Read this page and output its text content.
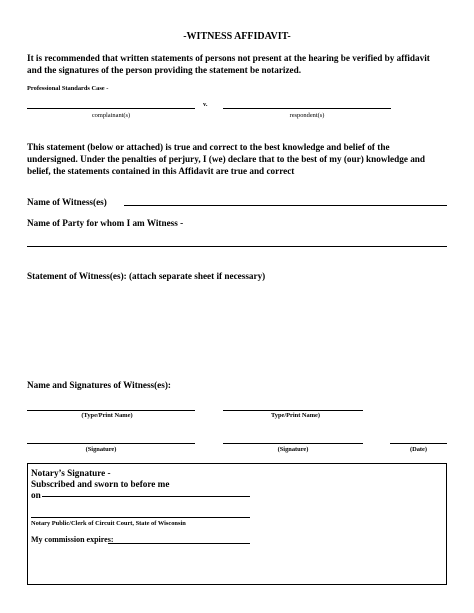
-WITNESS AFFIDAVIT-
It is recommended that written statements of persons not present at the hearing be verified by affidavit
and the signatures of the person providing the statement be notarized.
Professional Standards Case -
v.
complainant(s)	respondent(s)
This statement (below or attached) is true and correct to the best knowledge and belief of the
undersigned. Under the penalties of perjury, I (we) declare that to the best of my (our) knowledge and
belief, the statements contained in this Affidavit are true and correct
Name of Witness(es)
Name of Party for whom I am Witness -
Statement of Witness(es): (attach separate sheet if necessary)
Name and Signatures of Witness(es):
(Type/Print Name)	Type/Print Name)
(Signature)	(Signature)	(Date)
Notary’s Signature -
Subscribed and sworn to before me
on
Notary Public/Clerk of Circuit Court, State of Wisconsin
My commission expires:
